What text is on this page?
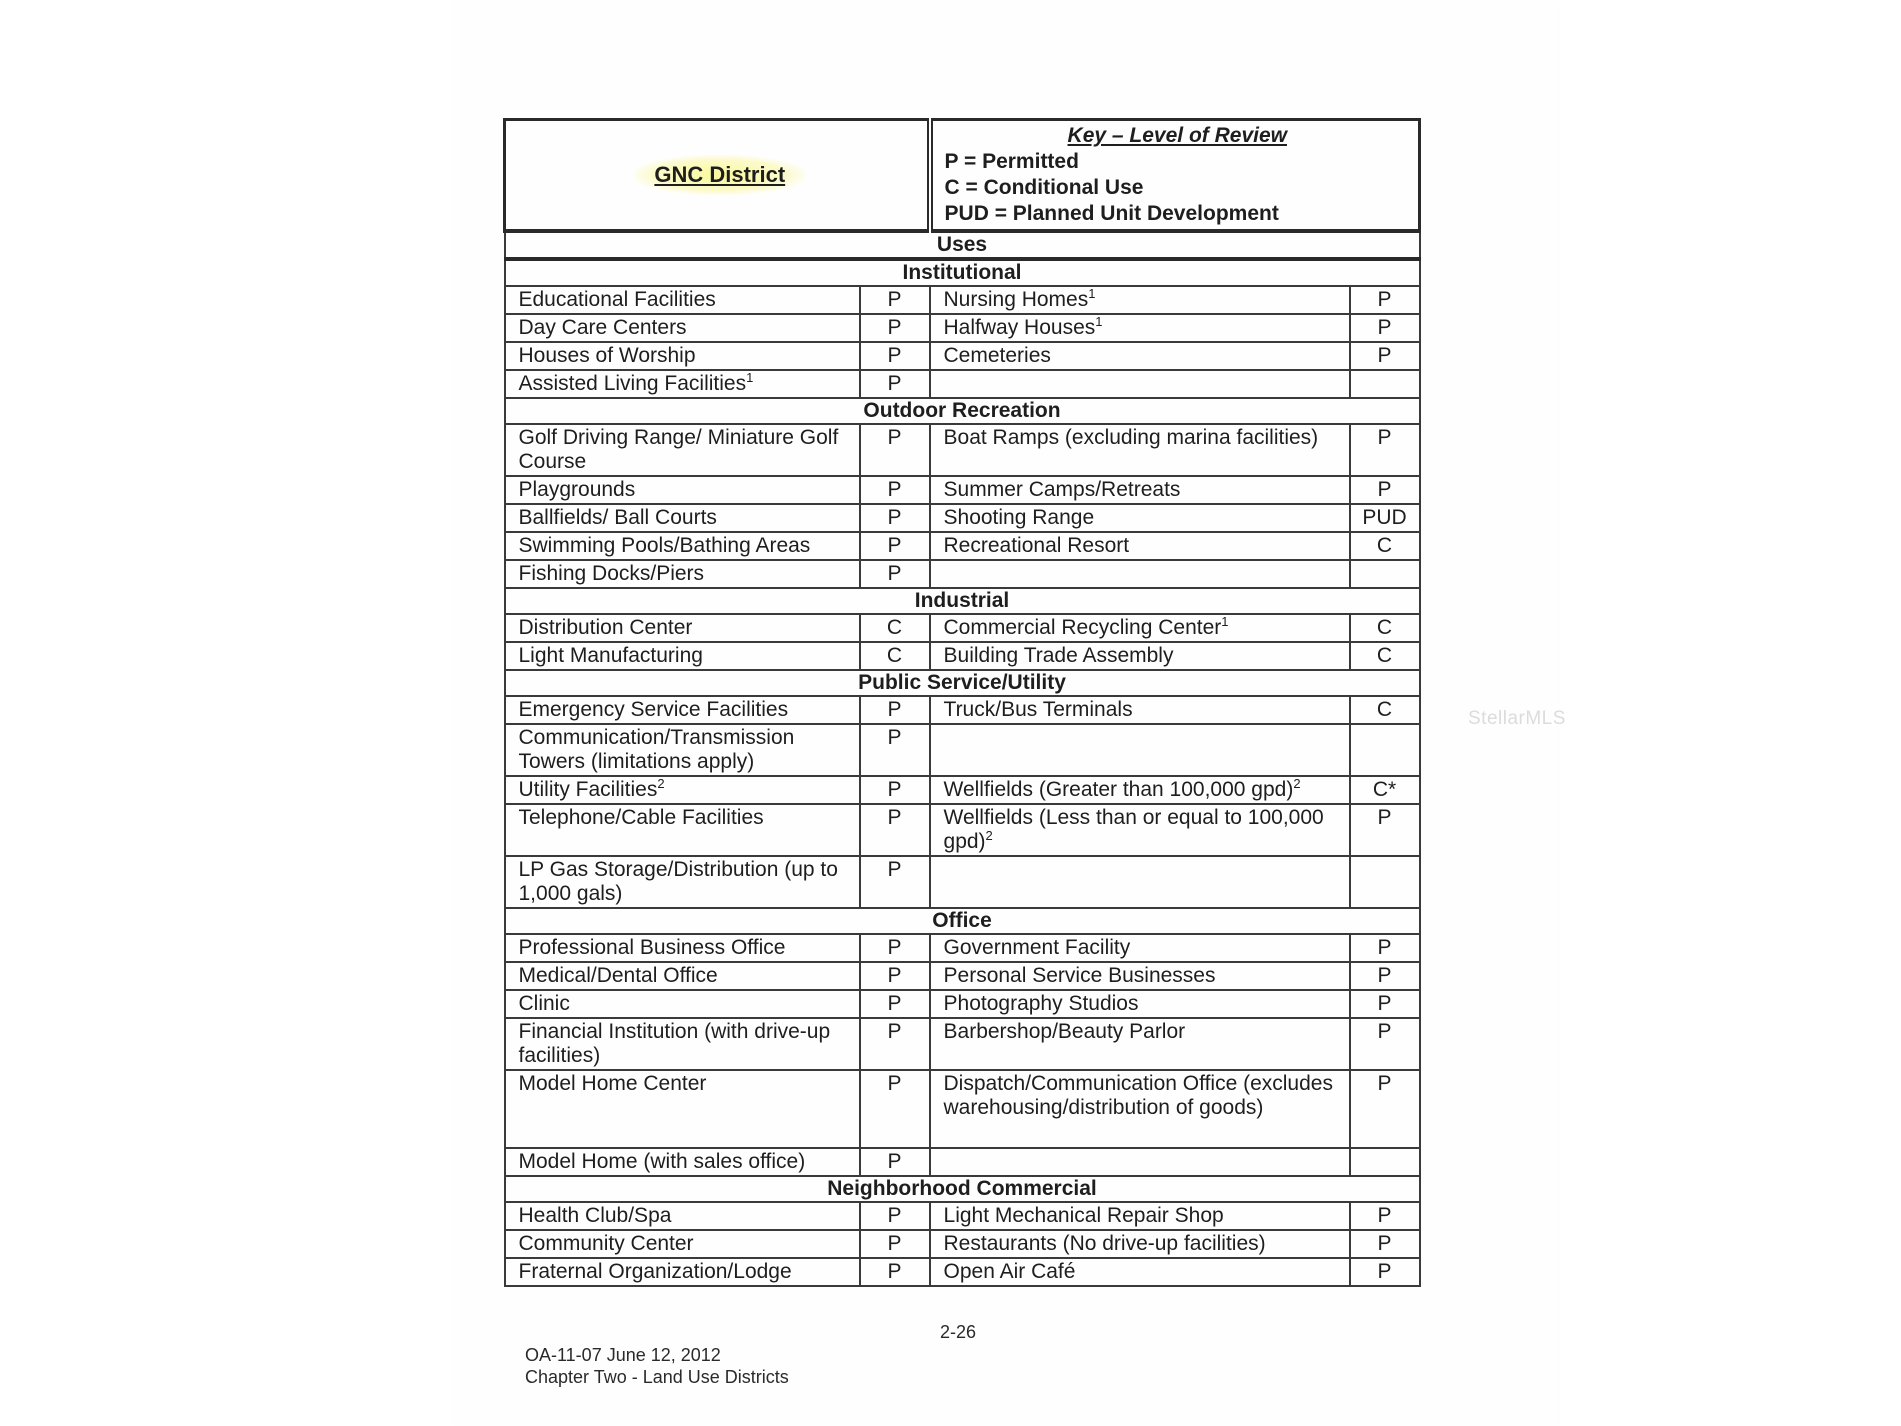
GNC District		Key – Level of Review
P = Permitted
C = Conditional Use
PUD = Planned Unit Development	

Uses			
Institutional			
Educational Facilities	P	Nursing Homes$^1$	P
Day Care Centers	P	Halfway Houses$^1$	P
Houses of Worship	P	Cemeteries	P
Assisted Living Facilities$^1$	P		
Outdoor Recreation			
Golf Driving Range/ Miniature Golf Course	P	Boat Ramps (excluding marina facilities)	P
Playgrounds	P	Summer Camps/Retreats	P
Ballfields/ Ball Courts	P	Shooting Range	PUD
Swimming Pools/Bathing Areas	P	Recreational Resort	C
Fishing Docks/Piers	P		
Industrial			
Distribution Center	C	Commercial Recycling Center$^1$	C
Light Manufacturing	C	Building Trade Assembly	C
Public Service/Utility			
Emergency Service Facilities	P	Truck/Bus Terminals	C
Communication/Transmission Towers (limitations apply)	P		
Utility Facilities$^2$	P	Wellfields (Greater than 100,000 gpd)$^2$	C*
Telephone/Cable Facilities	P	Wellfields (Less than or equal to 100,000 gpd)$^2$	P
LP Gas Storage/Distribution (up to 1,000 gals)	P		
Office			
Professional Business Office	P	Government Facility	P
Medical/Dental Office	P	Personal Service Businesses	P
Clinic	P	Photography Studios	P
Financial Institution (with drive-up facilities)	P	Barbershop/Beauty Parlor	P
Model Home Center	P	Dispatch/Communication Office (excludes warehousing/distribution of goods)	P
Model Home (with sales office)	P		
Neighborhood Commercial			
Health Club/Spa	P	Light Mechanical Repair Shop	P
Community Center	P	Restaurants (No drive-up facilities)	P
Fraternal Organization/Lodge	P	Open Air Café	P
2-26
OA-11-07 June 12, 2012
Chapter Two - Land Use Districts
StellarMLS
